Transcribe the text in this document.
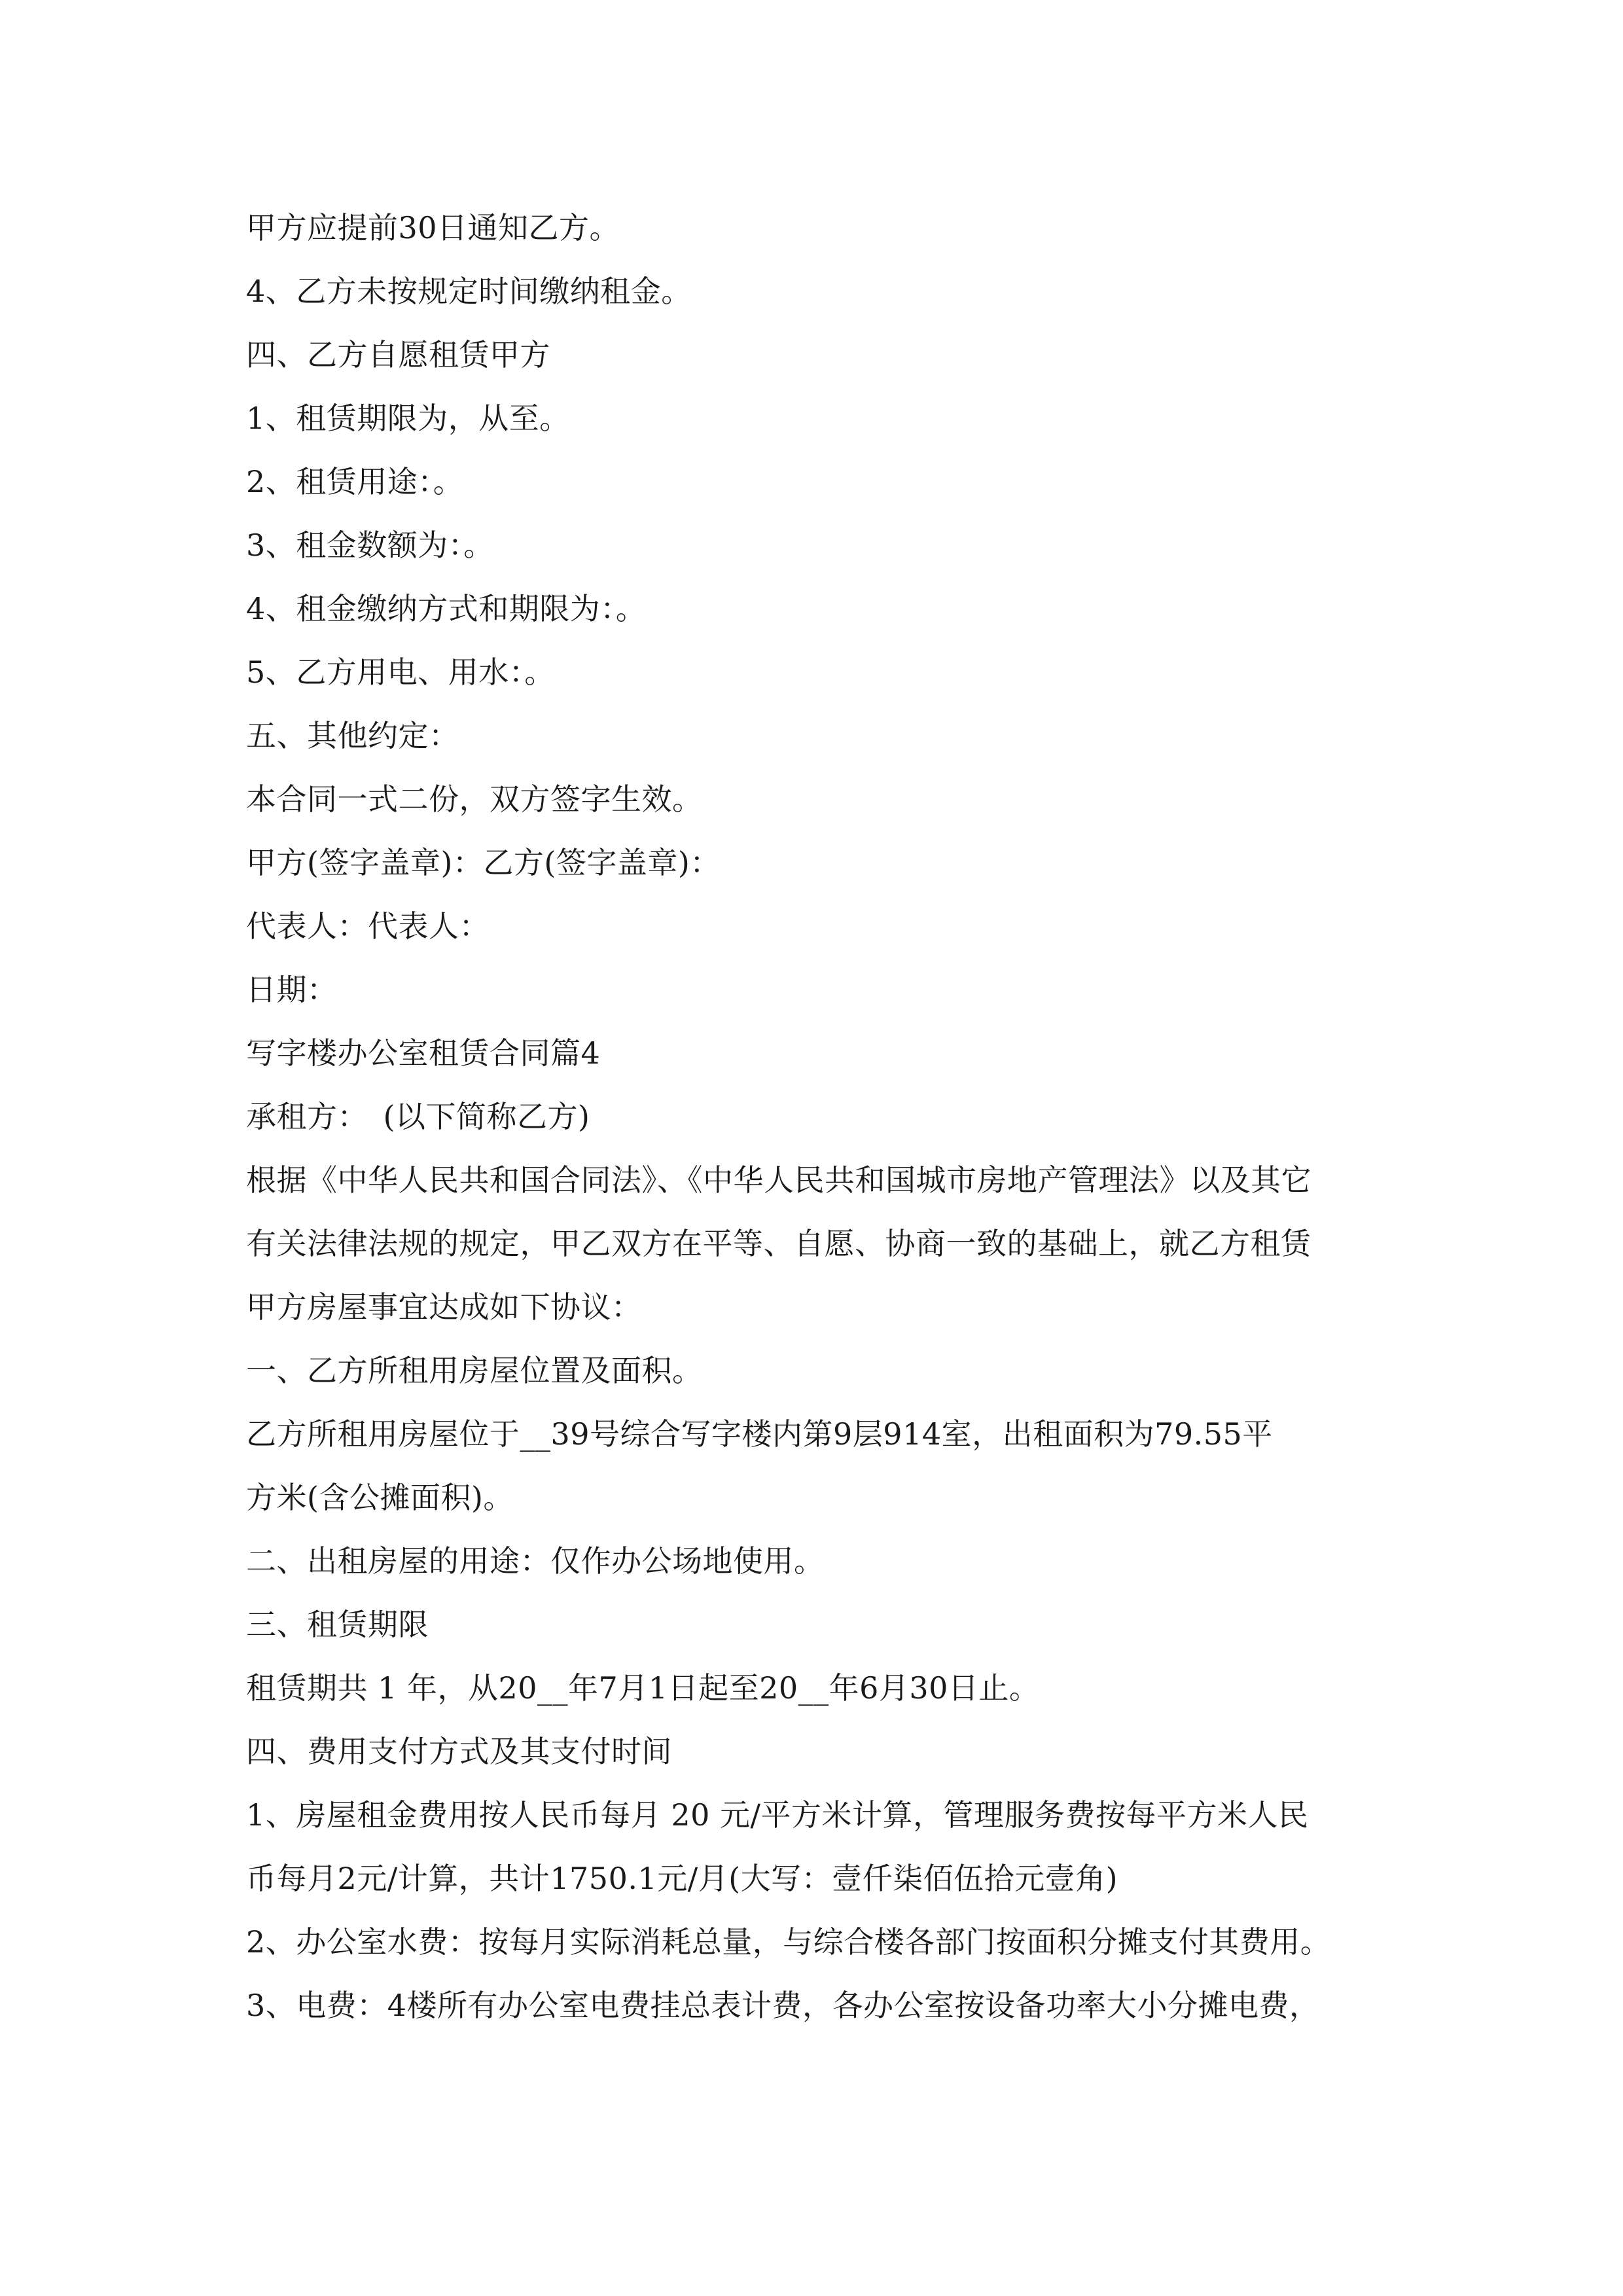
甲方应提前30日通知乙方。
4、乙方未按规定时间缴纳租金。
四、乙方自愿租赁甲方
1、租赁期限为，从至。
2、租赁用途：。
3、租金数额为：。
4、租金缴纳方式和期限为：。
5、乙方用电、用水：。
五、其他约定：
本合同一式二份，双方签字生效。
甲方(签字盖章)：乙方(签字盖章)：
代表人：代表人：
日期：
写字楼办公室租赁合同篇4
承租方：　(以下简称乙方)
根据《中华人民共和国合同法》、《中华人民共和国城市房地产管理法》以及其它
有关法律法规的规定，甲乙双方在平等、自愿、协商一致的基础上，就乙方租赁
甲方房屋事宜达成如下协议：
一、乙方所租用房屋位置及面积。
乙方所租用房屋位于__39号综合写字楼内第9层914室，出租面积为79.55平
方米(含公摊面积)。
二、出租房屋的用途：仅作办公场地使用。
三、租赁期限
租赁期共 1 年，从20__年7月1日起至20__年6月30日止。
四、费用支付方式及其支付时间
1、房屋租金费用按人民币每月 20 元/平方米计算，管理服务费按每平方米人民
币每月2元/计算，共计1750.1元/月(大写：壹仟柒佰伍拾元壹角)
2、办公室水费：按每月实际消耗总量，与综合楼各部门按面积分摊支付其费用。
3、电费：4楼所有办公室电费挂总表计费，各办公室按设备功率大小分摊电费，
